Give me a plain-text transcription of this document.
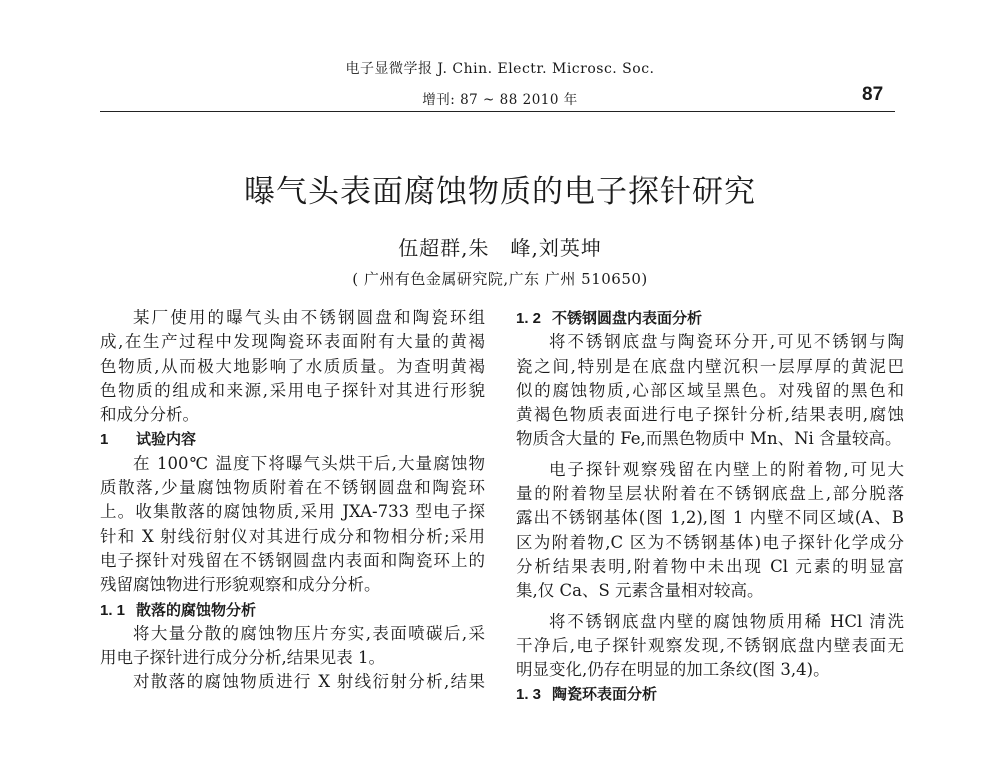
电子显微学报 J. Chin. Electr. Microsc. Soc.
增刊: 87 ~ 88 2010 年	87
曝气头表面腐蚀物质的电子探针研究
伍超群,朱　峰,刘英坤
( 广州有色金属研究院,广东 广州 510650)

某厂使用的曝气头由不锈钢圆盘和陶瓷环组
成,在生产过程中发现陶瓷环表面附有大量的黄褐
色物质,从而极大地影响了水质质量。为查明黄褐
色物质的组成和来源,采用电子探针对其进行形貌
和成分分析。

1 试验内容

在 100℃ 温度下将曝气头烘干后,大量腐蚀物
质散落,少量腐蚀物质附着在不锈钢圆盘和陶瓷环
上。收集散落的腐蚀物质,采用 JXA-733 型电子探
针和 X 射线衍射仪对其进行成分和物相分析;采用
电子探针对残留在不锈钢圆盘内表面和陶瓷环上的
残留腐蚀物进行形貌观察和成分分析。

1. 1 散落的腐蚀物分析

将大量分散的腐蚀物压片夯实,表面喷碳后,采
用电子探针进行成分分析,结果见表 1。

对散落的腐蚀物质进行 X 射线衍射分析,结果

1. 2 不锈钢圆盘内表面分析

将不锈钢底盘与陶瓷环分开,可见不锈钢与陶
瓷之间,特别是在底盘内壁沉积一层厚厚的黄泥巴
似的腐蚀物质,心部区域呈黑色。对残留的黑色和
黄褐色物质表面进行电子探针分析,结果表明,腐蚀
物质含大量的 Fe,而黑色物质中 Mn、Ni 含量较高。

电子探针观察残留在内壁上的附着物,可见大
量的附着物呈层状附着在不锈钢底盘上,部分脱落
露出不锈钢基体(图 1,2),图 1 内壁不同区域(A、B
区为附着物,C 区为不锈钢基体)电子探针化学成分
分析结果表明,附着物中未出现 Cl 元素的明显富
集,仅 Ca、S 元素含量相对较高。

将不锈钢底盘内壁的腐蚀物质用稀 HCl 清洗
干净后,电子探针观察发现,不锈钢底盘内壁表面无
明显变化,仍存在明显的加工条纹(图 3,4)。

1. 3 陶瓷环表面分析
